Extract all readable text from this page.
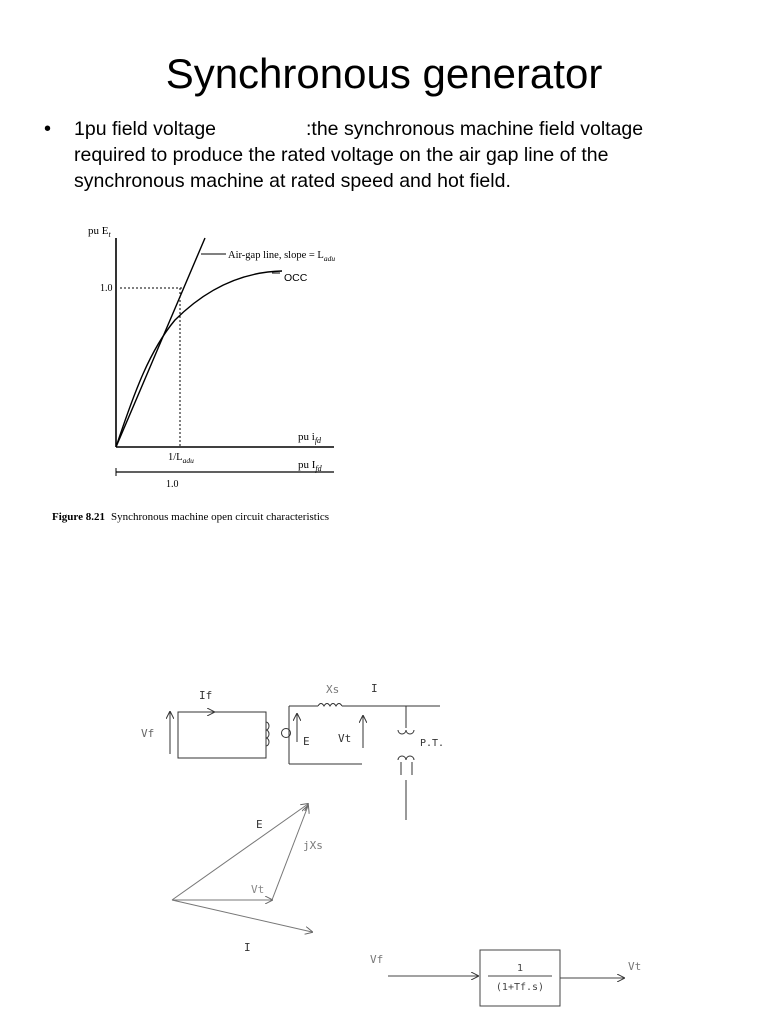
Synchronous generator
• 1pu field voltage	:the synchronous machine field voltage required to produce the rated voltage on the air gap line of the synchronous machine at rated speed and hot field.
pu $E_t$
Air-gap line, slope = $L_{adu}$
OCC
1.0
pu $i_{fd}$
pu $I_{fd}$
$1/L_{adu}$
1.0
Figure 8.21 Synchronous machine open circuit characteristics
If
Vf
Xs	I
E	Vt	P.T.
E
jXs
Vt
I
Vf
1
(1+Tf.s)
Vt
